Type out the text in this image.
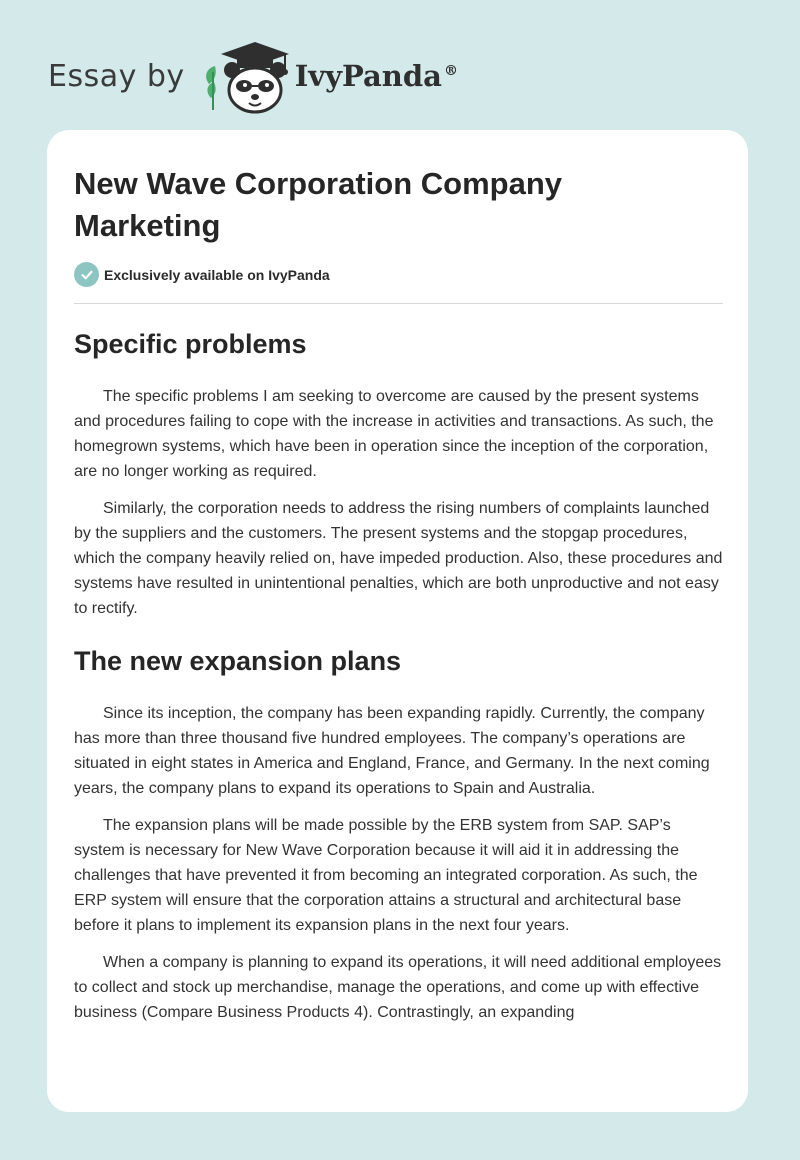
Essay by	IvyPanda ®
New Wave Corporation Company Marketing
Exclusively available on IvyPanda
Specific problems

The specific problems I am seeking to overcome are caused by the present systems and procedures failing to cope with the increase in activities and transactions. As such, the homegrown systems, which have been in operation since the inception of the corporation, are no longer working as required.

Similarly, the corporation needs to address the rising numbers of complaints launched by the suppliers and the customers. The present systems and the stopgap procedures, which the company heavily relied on, have impeded production. Also, these procedures and systems have resulted in unintentional penalties, which are both unproductive and not easy to rectify.

The new expansion plans

Since its inception, the company has been expanding rapidly. Currently, the company has more than three thousand five hundred employees. The company’s operations are situated in eight states in America and England, France, and Germany. In the next coming years, the company plans to expand its operations to Spain and Australia.

The expansion plans will be made possible by the ERB system from SAP. SAP’s system is necessary for New Wave Corporation because it will aid it in addressing the challenges that have prevented it from becoming an integrated corporation. As such, the ERP system will ensure that the corporation attains a structural and architectural base before it plans to implement its expansion plans in the next four years.

When a company is planning to expand its operations, it will need additional employees to collect and stock up merchandise, manage the operations, and come up with effective business (Compare Business Products 4). Contrastingly, an expanding
